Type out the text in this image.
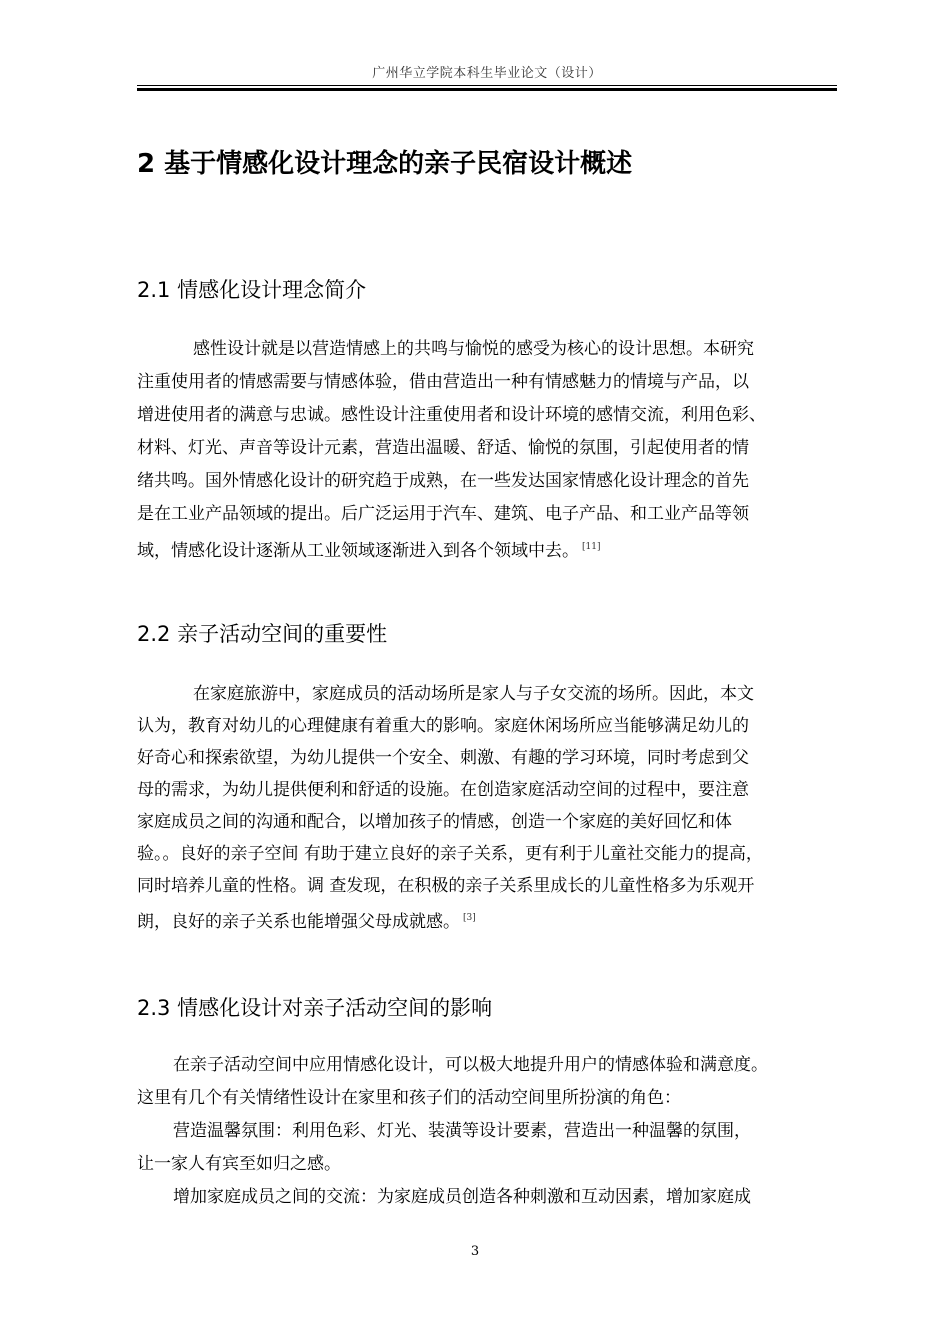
广州华立学院本科生毕业论文（设计）
2 基于情感化设计理念的亲子民宿设计概述
2.1 情感化设计理念简介
感性设计就是以营造情感上的共鸣与愉悦的感受为核心的设计思想。本研究
注重使用者的情感需要与情感体验，借由营造出一种有情感魅力的情境与产品，以
增进使用者的满意与忠诚。感性设计注重使用者和设计环境的感情交流，利用色彩、
材料、灯光、声音等设计元素，营造出温暖、舒适、愉悦的氛围，引起使用者的情
绪共鸣。国外情感化设计的研究趋于成熟，在一些发达国家情感化设计理念的首先
是在工业产品领域的提出。后广泛运用于汽车、建筑、电子产品、和工业产品等领
域，情感化设计逐渐从工业领域逐渐进入到各个领域中去。 [11]
2.2 亲子活动空间的重要性
在家庭旅游中，家庭成员的活动场所是家人与子女交流的场所。因此，本文
认为，教育对幼儿的心理健康有着重大的影响。家庭休闲场所应当能够满足幼儿的
好奇心和探索欲望，为幼儿提供一个安全、刺激、有趣的学习环境，同时考虑到父
母的需求，为幼儿提供便利和舒适的设施。在创造家庭活动空间的过程中，要注意
家庭成员之间的沟通和配合，以增加孩子的情感，创造一个家庭的美好回忆和体
验。。良好的亲子空间 有助于建立良好的亲子关系，更有利于儿童社交能力的提高，
同时培养儿童的性格。调 查发现，在积极的亲子关系里成长的儿童性格多为乐观开
朗，良好的亲子关系也能增强父母成就感。 [3]
2.3 情感化设计对亲子活动空间的影响
在亲子活动空间中应用情感化设计，可以极大地提升用户的情感体验和满意度。
这里有几个有关情绪性设计在家里和孩子们的活动空间里所扮演的角色：
营造温馨氛围：利用色彩、灯光、装潢等设计要素，营造出一种温馨的氛围，
让一家人有宾至如归之感。
增加家庭成员之间的交流：为家庭成员创造各种刺激和互动因素，增加家庭成
3
